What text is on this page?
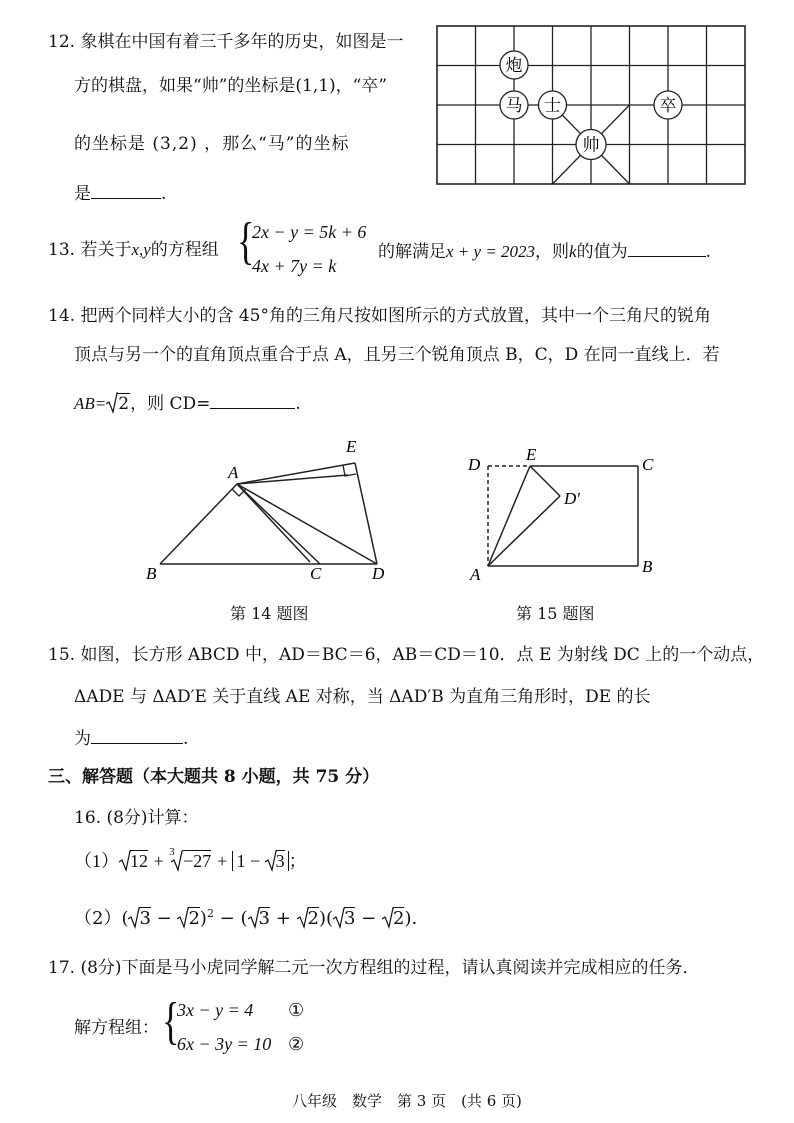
12. 象棋在中国有着三千多年的历史，如图是一
方的棋盘，如果“帅”的坐标是(1,1)，“卒”
的坐标是 (3,2) ，那么“马”的坐标
是	.
炮
马 士
帅
卒
13. 若关于x,y的方程组 {
2x − y = 5k + 6
4x + 7y = k
的解满足x + y = 2023，则k的值为	.
14. 把两个同样大小的含 45°角的三角尺按如图所示的方式放置，其中一个三角尺的锐角
顶点与另一个的直角顶点重合于点 A，且另三个锐角顶点 B，C，D 在同一直线上．若
AB= 2，则 CD=	.
A
B	C	D
E
第 14 题图
D
E
C
D′
A	B
第 15 题图
15. 如图，长方形 ABCD 中，AD＝BC＝6，AB＝CD＝10．点 E 为射线 DC 上的一个动点，
ΔADE 与 ΔAD′E 关于直线 AE 对称，当 ΔAD′B 为直角三角形时，DE 的长
为	.
三、解答题（本大题共 8 小题，共 75 分）
16. (8分)计算：
（1） 12 + 3 −27 + 1 −
3 ；
（2）( 3 −
2)$^2$ − ( 3 +
2)( 3 −
2).
17. (8分)下面是马小虎同学解二元一次方程组的过程，请认真阅读并完成相应的任务．
解方程组： {
3x − y = 4 ①
6x − 3y = 10 ②
八年级　数学　第 3 页　(共 6 页)
